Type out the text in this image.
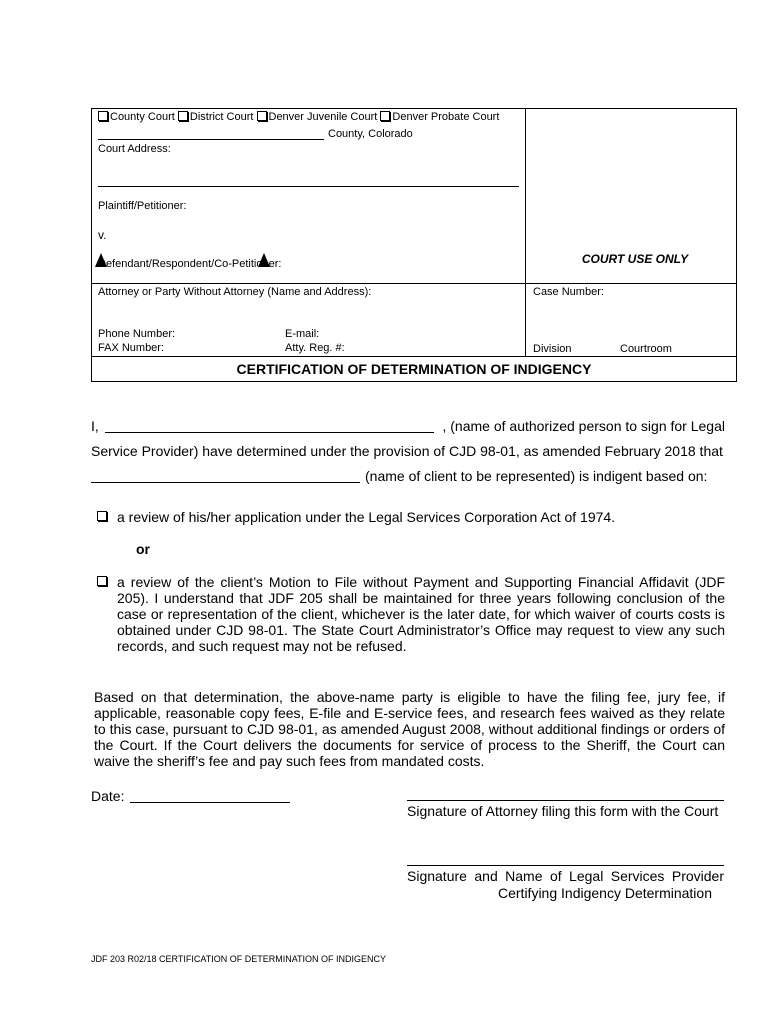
County Court District Court Denver Juvenile Court Denver Probate Court
County, Colorado
Court Address:
Plaintiff/Petitioner:
v.
Defendant/Respondent/Co-Petitioner:	COURT USE ONLY
Attorney or Party Without Attorney (Name and Address):	Case Number:
Phone Number:	E-mail:
FAX Number:	Atty. Reg. #:	Division	Courtroom
CERTIFICATION OF DETERMINATION OF INDIGENCY
I,	, (name of authorized person to sign for Legal
Service Provider) have determined under the provision of CJD 98-01, as amended February 2018 that
(name of client to be represented) is indigent based on:
a review of his/her application under the Legal Services Corporation Act of 1974.
or
a review of the client’s Motion to File without Payment and Supporting Financial Affidavit (JDF 205). I understand that JDF 205 shall be maintained for three years following conclusion of the case or representation of the client, whichever is the later date, for which waiver of courts costs is obtained under CJD 98-01. The State Court Administrator’s Office may request to view any such records, and such request may not be refused.
Based on that determination, the above-name party is eligible to have the filing fee, jury fee, if applicable, reasonable copy fees, E-file and E-service fees, and research fees waived as they relate to this case, pursuant to CJD 98-01, as amended August 2008, without additional findings or orders of the Court. If the Court delivers the documents for service of process to the Sheriff, the Court can waive the sheriff’s fee and pay such fees from mandated costs.
Date:
Signature of Attorney filing this form with the Court
Signature and Name of Legal Services Provider
Certifying Indigency Determination
JDF 203 R02/18 CERTIFICATION OF DETERMINATION OF INDIGENCY
